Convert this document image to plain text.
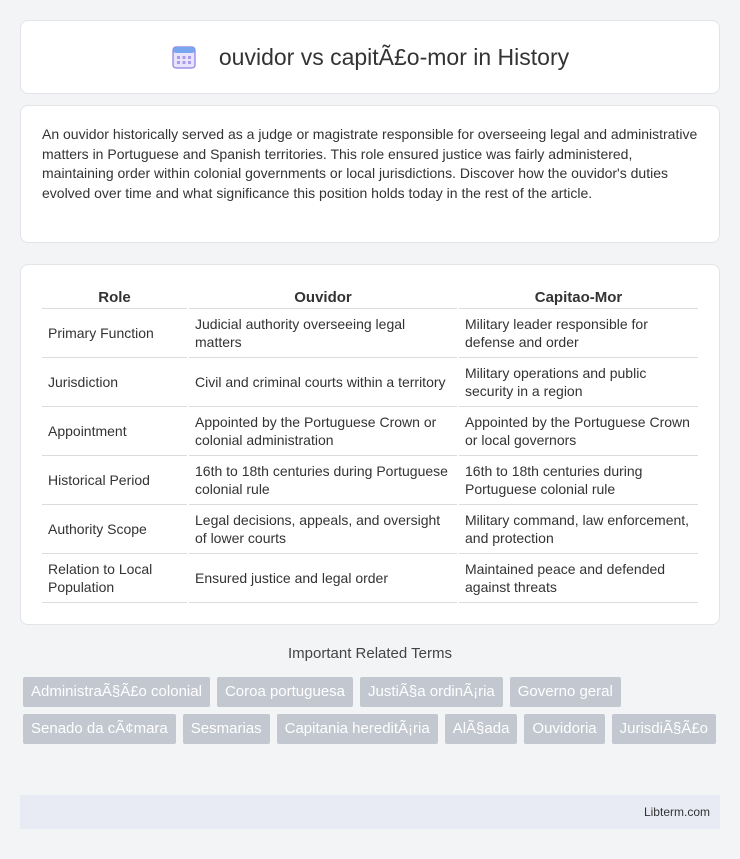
ouvidor vs capitÃ£o-mor in History

An ouvidor historically served as a judge or magistrate responsible for overseeing legal and administrative matters in Portuguese and Spanish territories. This role ensured justice was fairly administered, maintaining order within colonial governments or local jurisdictions. Discover how the ouvidor's duties evolved over time and what significance this position holds today in the rest of the article.

Role	Ouvidor	Capitao-Mor
Primary Function	Judicial authority overseeing legal matters	Military leader responsible for defense and order
Jurisdiction	Civil and criminal courts within a territory	Military operations and public security in a region
Appointment	Appointed by the Portuguese Crown or colonial administration	Appointed by the Portuguese Crown or local governors
Historical Period	16th to 18th centuries during Portuguese colonial rule	16th to 18th centuries during Portuguese colonial rule
Authority Scope	Legal decisions, appeals, and oversight of lower courts	Military command, law enforcement, and protection
Relation to Local Population	Ensured justice and legal order	Maintained peace and defended against threats
Important Related Terms
AdministraÃ§Ã£o colonial	Coroa portuguesa	JustiÃ§a ordinÃ¡ria	Governo geral
Senado da cÃ¢mara	Sesmarias	Capitania hereditÃ¡ria	AlÃ§ada	Ouvidoria	JurisdiÃ§Ã£o
Libterm.com
